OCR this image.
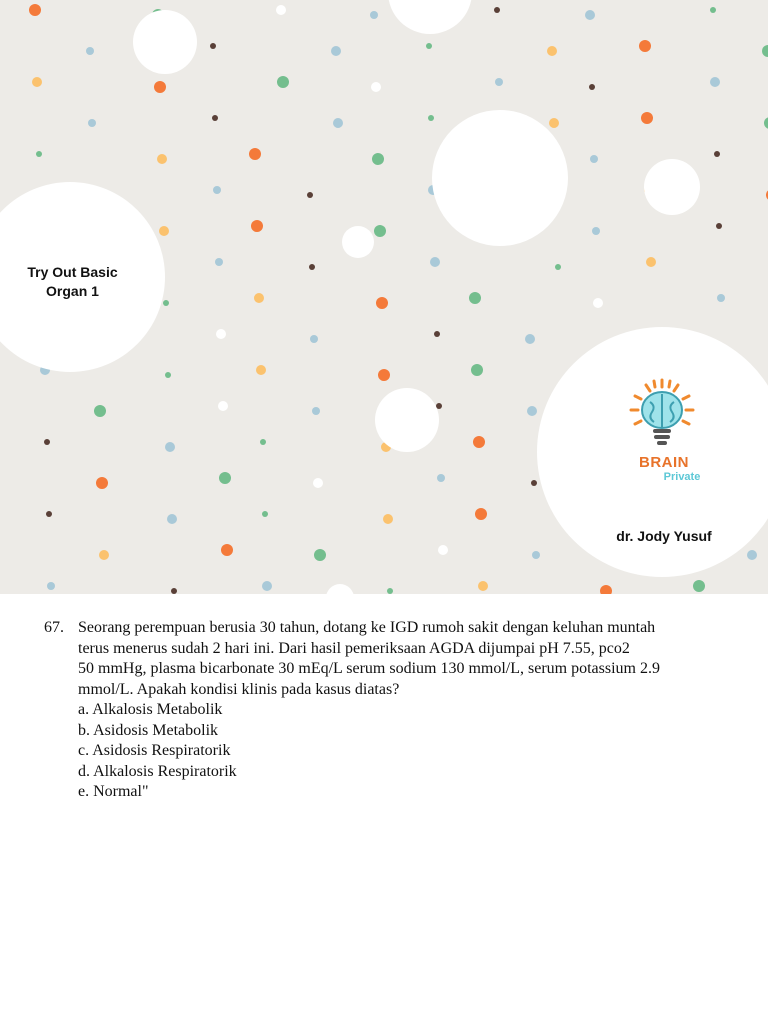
Try Out Basic
Organ 1
BRAIN
Private
dr. Jody Yusuf
67. Seorang perempuan berusia 30 tahun, dotang ke IGD rumoh sakit dengan keluhan muntah
terus menerus sudah 2 hari ini. Dari hasil pemeriksaan AGDA dijumpai pH 7.55, pco2
50 mmHg, plasma bicarbonate 30 mEq/L serum sodium 130 mmol/L, serum potassium 2.9
mmol/L. Apakah kondisi klinis pada kasus diatas?
a. Alkalosis Metabolik
b. Asidosis Metabolik
c. Asidosis Respiratorik
d. Alkalosis Respiratorik
e. Normal"
